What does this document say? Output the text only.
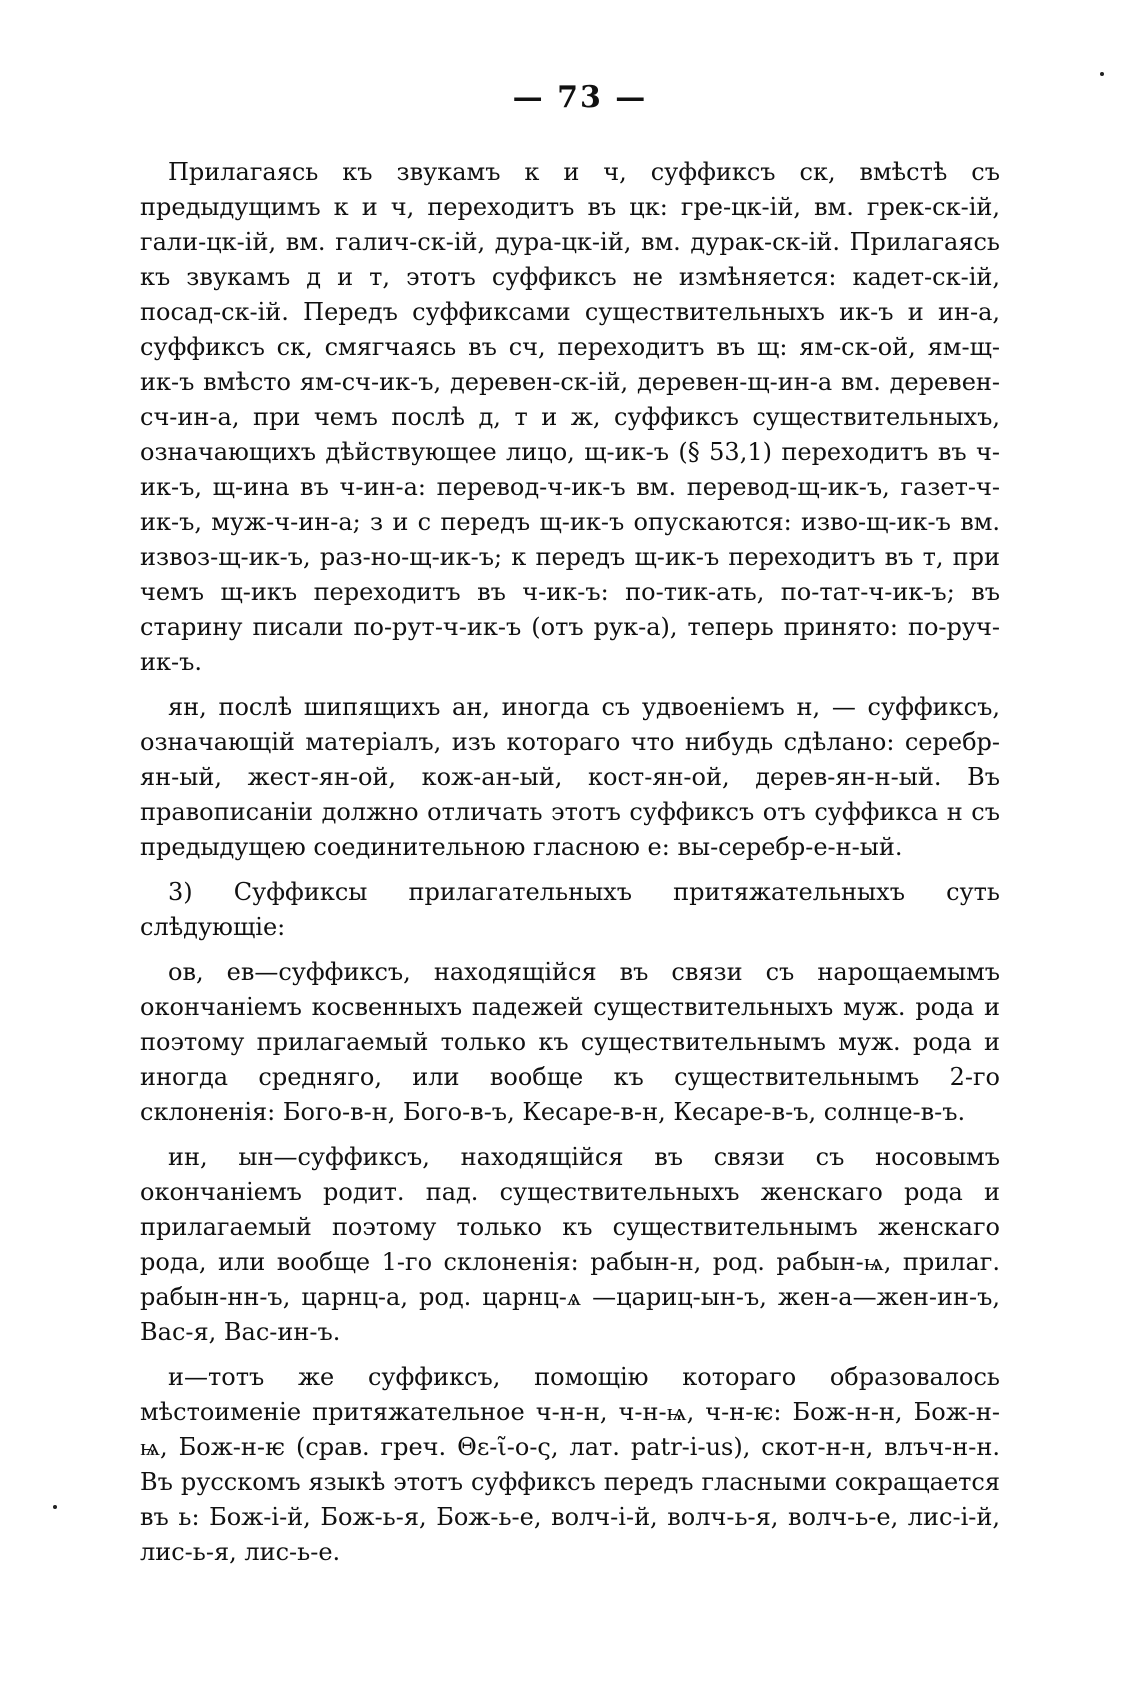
— 73 —

Прилагаясь къ звукамъ к и ч, суффиксъ ск, вмѣстѣ съ предыдущимъ к и ч, переходитъ въ цк: гре-цк-ій, вм. грек-ск-ій, гали-цк-ій, вм. галич-ск-ій, дура-цк-ій, вм. дурак-ск-ій. Прилагаясь къ звукамъ д и т, этотъ суффиксъ не измѣняется: кадет-ск-ій, посад-ск-ій. Передъ суффиксами существительныхъ ик-ъ и ин-а, суффиксъ ск, смягчаясь въ сч, переходитъ въ щ: ям-ск-ой, ям-щ-ик-ъ вмѣсто ям-сч-ик-ъ, деревен-ск-ій, деревен-щ-ин-а вм. деревен-сч-ин-а, при чемъ послѣ д, т и ж, суффиксъ существительныхъ, означающихъ дѣйствующее лицо, щ-ик-ъ (§ 53,1) переходитъ въ ч-ик-ъ, щ-ина въ ч-ин-а: перевод-ч-ик-ъ вм. перевод-щ-ик-ъ, газет-ч-ик-ъ, муж-ч-ин-а; з и с передъ щ-ик-ъ опускаются: изво-щ-ик-ъ вм. извоз-щ-ик-ъ, раз-но-щ-ик-ъ; к передъ щ-ик-ъ переходитъ въ т, при чемъ щ-икъ переходитъ въ ч-ик-ъ: по-тик-ать, по-тат-ч-ик-ъ; въ старину писали по-рут-ч-ик-ъ (отъ рук-а), теперь принято: по-руч-ик-ъ.

ян, послѣ шипящихъ ан, иногда съ удвоеніемъ н, — суффиксъ, означающій матеріалъ, изъ котораго что нибудь сдѣлано: серебр-ян-ый, жест-ян-ой, кож-ан-ый, кост-ян-ой, дерев-ян-н-ый. Въ правописаніи должно отличать этотъ суффиксъ отъ суффикса н съ предыдущею соединительною гласною е: вы-серебр-е-н-ый.

3) Суффиксы прилагательныхъ притяжательныхъ суть слѣдующіе:

ов, ев—суффиксъ, находящійся въ связи съ нарощаемымъ окончаніемъ косвенныхъ падежей существительныхъ муж. рода и поэтому прилагаемый только къ существительнымъ муж. рода и иногда средняго, или вообще къ существительнымъ 2-го склоненія: Бого-в-н, Бого-в-ъ, Кесаре-в-н, Кесаре-в-ъ, солнце-в-ъ.

ин, ын—суффиксъ, находящійся въ связи съ носовымъ окончаніемъ родит. пад. существительныхъ женскаго рода и прилагаемый поэтому только къ существительнымъ женскаго рода, или вообще 1-го склоненія: рабын-н, род. рабын-ѩ, прилаг. рабын-нн-ъ, царнц-а, род. царнц-ѧ —цариц-ын-ъ, жен-а—жен-ин-ъ, Вас-я, Вас-ин-ъ.

и—тотъ же суффиксъ, помощію котораго образовалось мѣстоименіе притяжательное ч-н-н, ч-н-ѩ, ч-н-ѥ: Бож-н-н, Бож-н-ѩ, Бож-н-ѥ (срав. греч. Θε-ῖ-ο-ς, лат. patr-i-us), скот-н-н, влъч-н-н. Въ русскомъ языкѣ этотъ суффиксъ передъ гласными сокращается въ ь: Бож-і-й, Бож-ь-я, Бож-ь-е, волч-і-й, волч-ь-я, волч-ь-е, лис-і-й, лис-ь-я, лис-ь-е.
